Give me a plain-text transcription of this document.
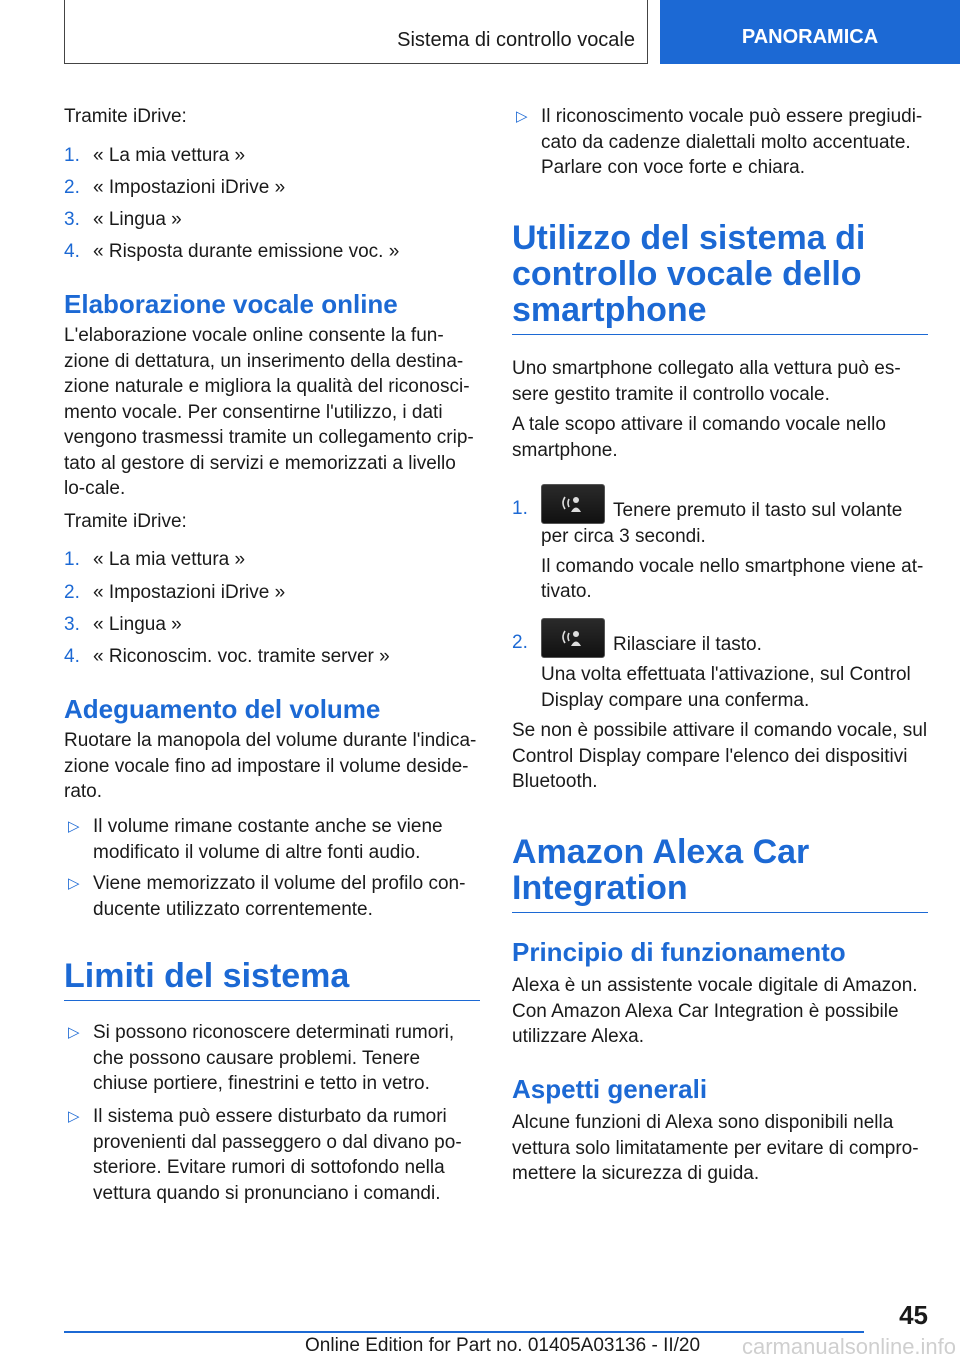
Sistema di controllo vocale	PANORAMICA

Tramite iDrive:

1. « La mia vettura »
2. « Impostazioni iDrive »
3. « Lingua »
4. « Risposta durante emissione voc. »
Elaborazione vocale online

L'elaborazione vocale online consente la fun-zione di dettatura, un inserimento della destina-zione naturale e migliora la qualità del riconosci-mento vocale. Per consentirne l'utilizzo, i dati vengono trasmessi tramite un collegamento crip-tato al gestore di servizi e memorizzati a livello lo-cale.

Tramite iDrive:

1. « La mia vettura »
2. « Impostazioni iDrive »
3. « Lingua »
4. « Riconoscim. voc. tramite server »
Adeguamento del volume

Ruotare la manopola del volume durante l'indica-zione vocale fino ad impostare il volume deside-rato.

▷ Il volume rimane costante anche se viene modificato il volume di altre fonti audio.
▷ Viene memorizzato il volume del profilo con-ducente utilizzato correntemente.
Limiti del sistema
▷ Si possono riconoscere determinati rumori, che possono causare problemi. Tenere chiuse portiere, finestrini e tetto in vetro.
▷ Il sistema può essere disturbato da rumori provenienti dal passeggero o dal divano po-steriore. Evitare rumori di sottofondo nella vettura quando si pronunciano i comandi.
▷ Il riconoscimento vocale può essere pregiudi-cato da cadenze dialettali molto accentuate. Parlare con voce forte e chiara.
Utilizzo del sistema di controllo vocale dello smartphone

Uno smartphone collegato alla vettura può es-sere gestito tramite il controllo vocale.

A tale scopo attivare il comando vocale nello smartphone.

1.	Tenere premuto il tasto sul volante per circa 3 secondi.
Il comando vocale nello smartphone viene at-tivato.
2.	Rilasciare il tasto.
Una volta effettuata l'attivazione, sul Control Display compare una conferma.

Se non è possibile attivare il comando vocale, sul Control Display compare l'elenco dei dispositivi Bluetooth.

Amazon Alexa Car Integration
Principio di funzionamento

Alexa è un assistente vocale digitale di Amazon. Con Amazon Alexa Car Integration è possibile utilizzare Alexa.

Aspetti generali

Alcune funzioni di Alexa sono disponibili nella vettura solo limitatamente per evitare di compro-mettere la sicurezza di guida.

45
Online Edition for Part no. 01405A03136 - II/20 carmanualsonline.info
